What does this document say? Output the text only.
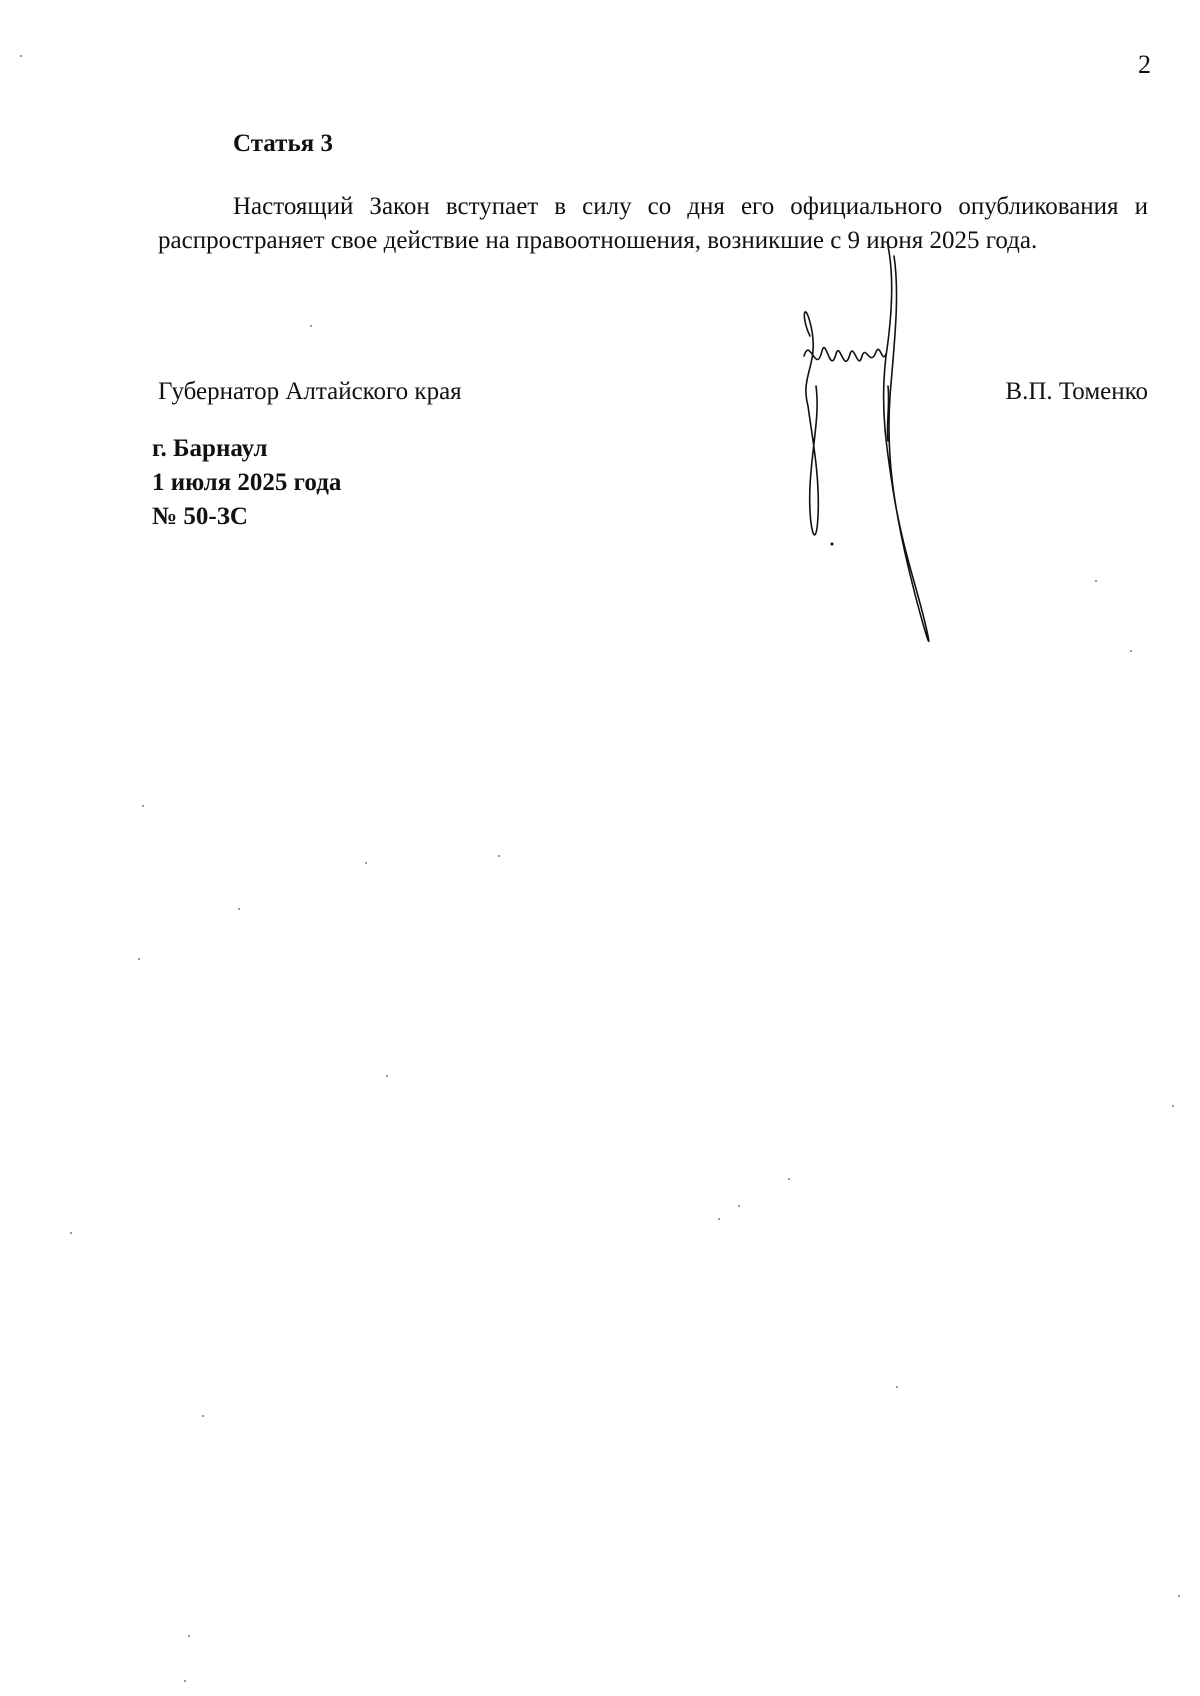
2
Статья 3

Настоящий Закон вступает в силу со дня его официального опубликования и распространяет свое действие на правоотношения, возникшие с 9 июня 2025 года.

Губернатор Алтайского края	В.П. Томенко
г. Барнаул
1 июля 2025 года
№ 50-ЗС
